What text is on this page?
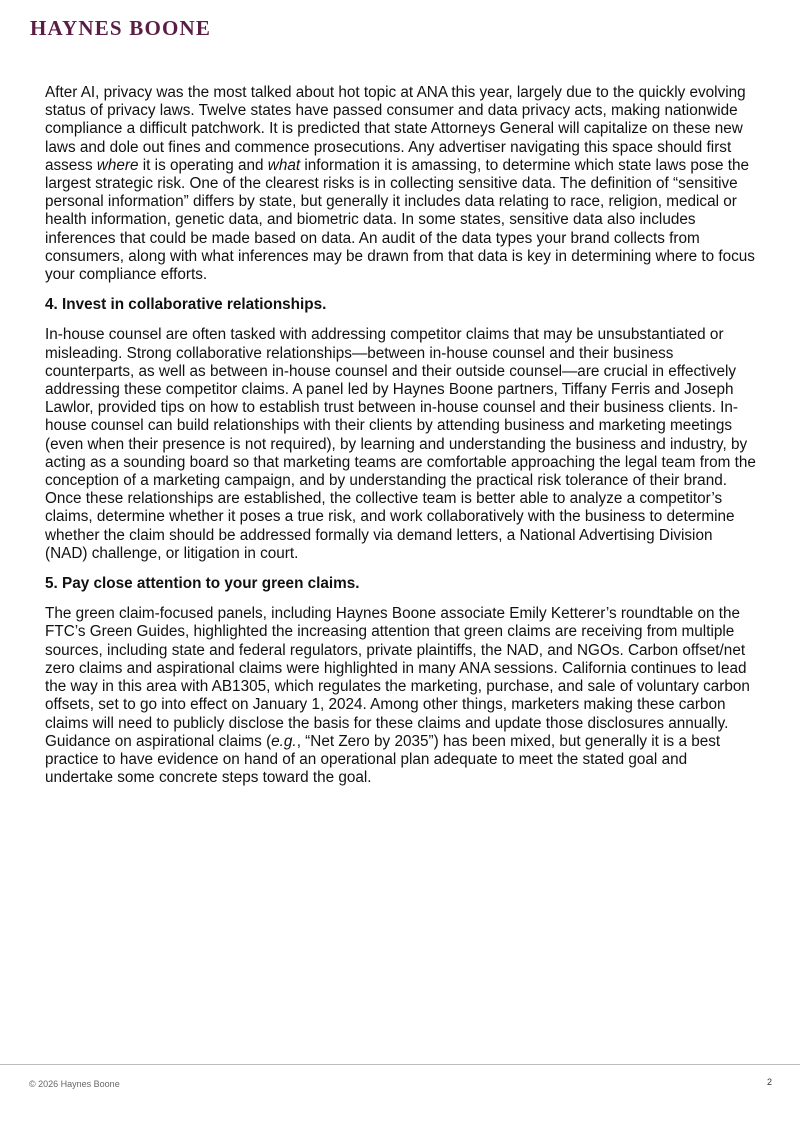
HAYNES BOONE

After AI, privacy was the most talked about hot topic at ANA this year, largely due to the quickly evolving status of privacy laws. Twelve states have passed consumer and data privacy acts, making nationwide compliance a difficult patchwork. It is predicted that state Attorneys General will capitalize on these new laws and dole out fines and commence prosecutions. Any advertiser navigating this space should first assess where it is operating and what information it is amassing, to determine which state laws pose the largest strategic risk. One of the clearest risks is in collecting sensitive data. The definition of “sensitive personal information” differs by state, but generally it includes data relating to race, religion, medical or health information, genetic data, and biometric data. In some states, sensitive data also includes inferences that could be made based on data. An audit of the data types your brand collects from consumers, along with what inferences may be drawn from that data is key in determining where to focus your compliance efforts.

4. Invest in collaborative relationships.

In-house counsel are often tasked with addressing competitor claims that may be unsubstantiated or misleading. Strong collaborative relationships—between in-house counsel and their business counterparts, as well as between in-house counsel and their outside counsel—are crucial in effectively addressing these competitor claims. A panel led by Haynes Boone partners, Tiffany Ferris and Joseph Lawlor, provided tips on how to establish trust between in-house counsel and their business clients. In-house counsel can build relationships with their clients by attending business and marketing meetings (even when their presence is not required), by learning and understanding the business and industry, by acting as a sounding board so that marketing teams are comfortable approaching the legal team from the conception of a marketing campaign, and by understanding the practical risk tolerance of their brand. Once these relationships are established, the collective team is better able to analyze a competitor’s claims, determine whether it poses a true risk, and work collaboratively with the business to determine whether the claim should be addressed formally via demand letters, a National Advertising Division (NAD) challenge, or litigation in court.

5. Pay close attention to your green claims.

The green claim-focused panels, including Haynes Boone associate Emily Ketterer’s roundtable on the FTC’s Green Guides, highlighted the increasing attention that green claims are receiving from multiple sources, including state and federal regulators, private plaintiffs, the NAD, and NGOs. Carbon offset/net zero claims and aspirational claims were highlighted in many ANA sessions. California continues to lead the way in this area with AB1305, which regulates the marketing, purchase, and sale of voluntary carbon offsets, set to go into effect on January 1, 2024. Among other things, marketers making these carbon claims will need to publicly disclose the basis for these claims and update those disclosures annually. Guidance on aspirational claims (e.g., “Net Zero by 2035”) has been mixed, but generally it is a best practice to have evidence on hand of an operational plan adequate to meet the stated goal and undertake some concrete steps toward the goal.

© 2026 Haynes Boone	2
